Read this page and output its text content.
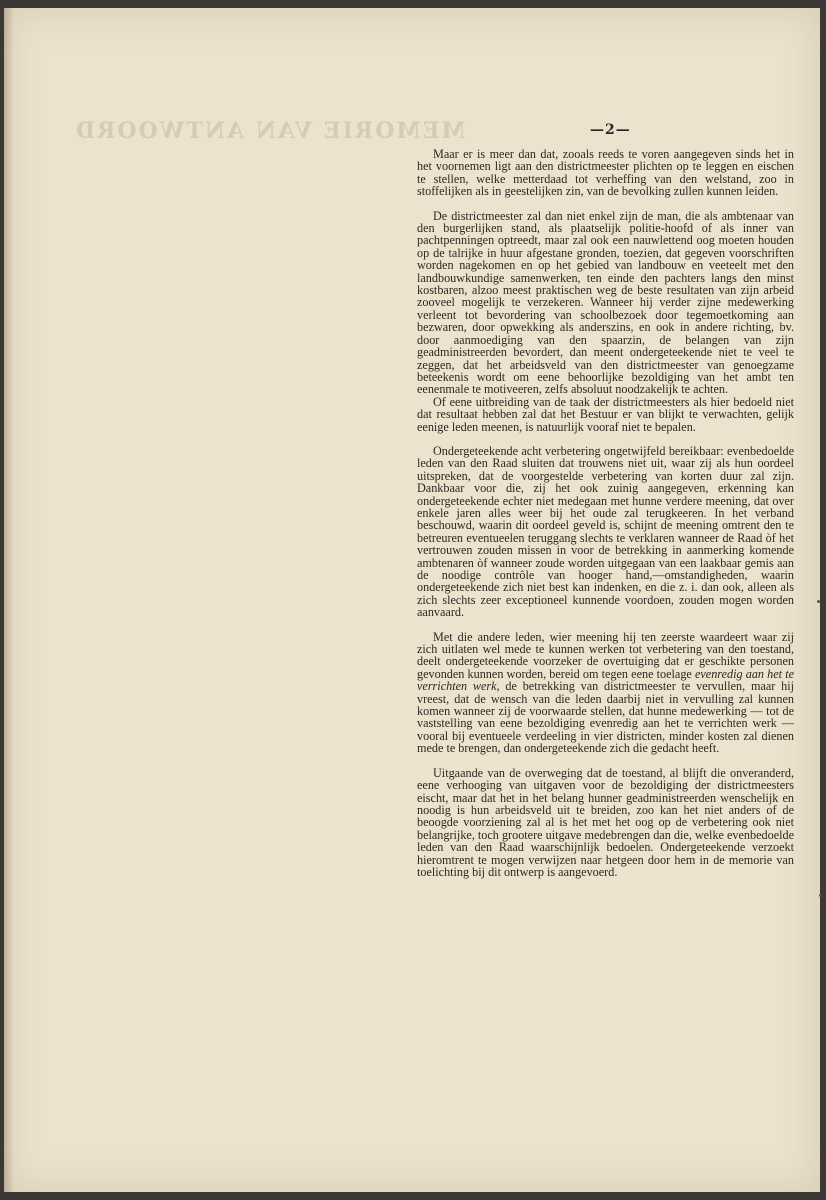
MEMORIE VAN ANTWOORD	—2—

Maar er is meer dan dat, zooals reeds te voren aangegeven sinds het in het voornemen ligt aan den districtmeester plichten op te leggen en eischen te stellen, welke metterdaad tot verheffing van den welstand, zoo in stoffelijken als in geestelijken zin, van de bevolking zullen kunnen leiden.

De districtmeester zal dan niet enkel zijn de man, die als ambtenaar van den burgerlijken stand, als plaatselijk politie-hoofd of als inner van pachtpenningen optreedt, maar zal ook een nauwlettend oog moeten houden op de talrijke in huur afgestane gronden, toezien, dat gegeven voorschriften worden nagekomen en op het gebied van landbouw en veeteelt met den landbouwkundige samenwerken, ten einde den pachters langs den minst kostbaren, alzoo meest praktischen weg de beste resultaten van zijn arbeid zooveel mogelijk te verzekeren. Wanneer hij verder zijne medewerking verleent tot bevordering van schoolbezoek door tegemoetkoming aan bezwaren, door opwekking als anderszins, en ook in andere richting, bv. door aanmoediging van den spaarzin, de belangen van zijn geadministreerden bevordert, dan meent ondergeteekende niet te veel te zeggen, dat het arbeidsveld van den districtmeester van genoegzame beteekenis wordt om eene behoorlijke bezoldiging van het ambt ten eenenmale te motiveeren, zelfs absoluut noodzakelijk te achten.

Of eene uitbreiding van de taak der districtmeesters als hier bedoeld niet dat resultaat hebben zal dat het Bestuur er van blijkt te verwachten, gelijk eenige leden meenen, is natuurlijk vooraf niet te bepalen.

Ondergeteekende acht verbetering ongetwijfeld bereikbaar: evenbedoelde leden van den Raad sluiten dat trouwens niet uit, waar zij als hun oordeel uitspreken, dat de voorgestelde verbetering van korten duur zal zijn. Dankbaar voor die, zij het ook zuinig aangegeven, erkenning kan ondergeteekende echter niet medegaan met hunne verdere meening, dat over enkele jaren alles weer bij het oude zal terugkeeren. In het verband beschouwd, waarin dit oordeel geveld is, schijnt de meening omtrent den te betreuren eventueelen teruggang slechts te verklaren wanneer de Raad òf het vertrouwen zouden missen in voor de betrekking in aanmerking komende ambtenaren òf wanneer zoude worden uitgegaan van een laakbaar gemis aan de noodige contrôle van hooger hand,—omstandigheden, waarin ondergeteekende zich niet best kan indenken, en die z. i. dan ook, alleen als zich slechts zeer exceptioneel kunnende voordoen, zouden mogen worden aanvaard.

Met die andere leden, wier meening hij ten zeerste waardeert waar zij zich uitlaten wel mede te kunnen werken tot verbetering van den toestand, deelt ondergeteekende voorzeker de overtuiging dat er geschikte personen gevonden kunnen worden, bereid om tegen eene toelage evenredig aan het te verrichten werk, de betrekking van districtmeester te vervullen, maar hij vreest, dat de wensch van die leden daarbij niet in vervulling zal kunnen komen wanneer zij de voorwaarde stellen, dat hunne medewerking — tot de vaststelling van eene bezoldiging evenredig aan het te verrichten werk — vooral bij eventueele verdeeling in vier districten, minder kosten zal dienen mede te brengen, dan ondergeteekende zich die gedacht heeft.

Uitgaande van de overweging dat de toestand, al blijft die onveranderd, eene verhooging van uitgaven voor de bezoldiging der districtmeesters eischt, maar dat het in het belang hunner geadministreerden wenschelijk en noodig is hun arbeidsveld uit te breiden, zoo kan het niet anders of de beoogde voorziening zal al is het met het oog op de verbetering ook niet belangrijke, toch grootere uitgave medebrengen dan die, welke evenbedoelde leden van den Raad waarschijnlijk bedoelen. Ondergeteekende verzoekt hieromtrent te mogen verwijzen naar hetgeen door hem in de memorie van toelichting bij dit ontwerp is aangevoerd.
